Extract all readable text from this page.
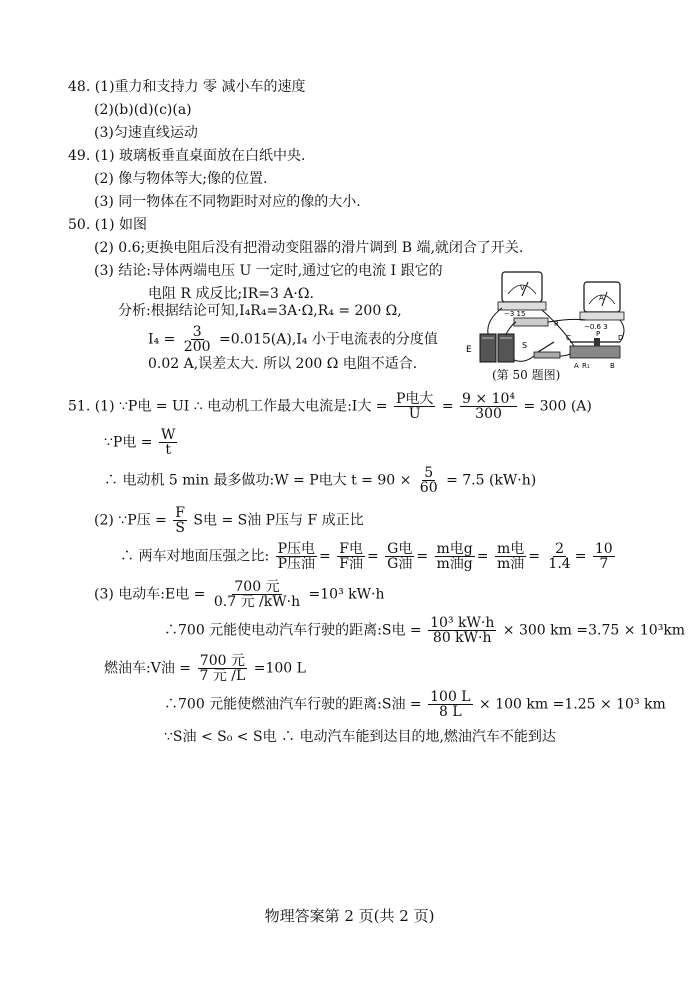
48. (1)重力和支持力 零 减小车的速度
(2)(b)(d)(c)(a)
(3)匀速直线运动
49. (1) 玻璃板垂直桌面放在白纸中央.
(2) 像与物体等大;像的位置.
(3) 同一物体在不同物距时对应的像的大小.
50. (1) 如图
(2) 0.6;更换电阻后没有把滑动变阻器的滑片调到 B 端,就闭合了开关.
(3) 结论:导体两端电压 U 一定时,通过它的电流 I 跟它的
电阻 R 成反比;IR=3 A·Ω.
分析:根据结论可知,I₄R₄=3A·Ω,R₄ = 200 Ω,
$I_4 = \frac{3}{200} =0.015(A),I_4$ 小于电流表的分度值
0.02 A,误差太大. 所以 200 Ω 电阻不适合.
V
−3 15
A
−0.6 3
R
E	S
C	P	D
A R₁	B
(第 50 题图)
51. (1) ∵P电 = UI ∴ 电动机工作最大电流是:I大 = $\frac{\text{P电大}}{U} = \frac{\text{9 × 10⁴}}{300} = 300$ (A)
∵P电 = $\frac{W}{t}$
∴ 电动机 5 min 最多做功:W = P电大 $t = 90 \times \frac{5}{60} = 7.5$ (kW·h)
(2) ∵P压 = $\frac{F}{S}$ S电 = S油 P压与 F 成正比
∴ 两车对地面压强之比: $\frac{\text{P压电}}{\text{P压油}} = \frac{\text{F电}}{\text{F油}} = \frac{\text{G电}}{\text{G油}} = \frac{\text{m电g}}{\text{m油g}} = \frac{\text{m电}}{\text{m油}} = \frac{2}{1.4} = \frac{10}{7}$
(3) 电动车:E电 = $\frac{\text{700 元}}{\text{0.7 元 /kW·h}} =10^3$ kW·h
∴700 元能使电动汽车行驶的距离:S电 = $\frac{\text{10³ kW·h}}{80 kW\cdot h} \times 300$ km =3.75 × 10³km
燃油车:V油 = $\frac{\text{700 元}}{\text{7 元 /L}} =100$ L
∴700 元能使燃油汽车行驶的距离:S油 = $\frac{100 L}{8 L} \times 100$ km =1.25 × 10³ km
∵S油 < S₀ < S电 ∴ 电动汽车能到达目的地,燃油汽车不能到达
物理答案第 2 页(共 2 页)
